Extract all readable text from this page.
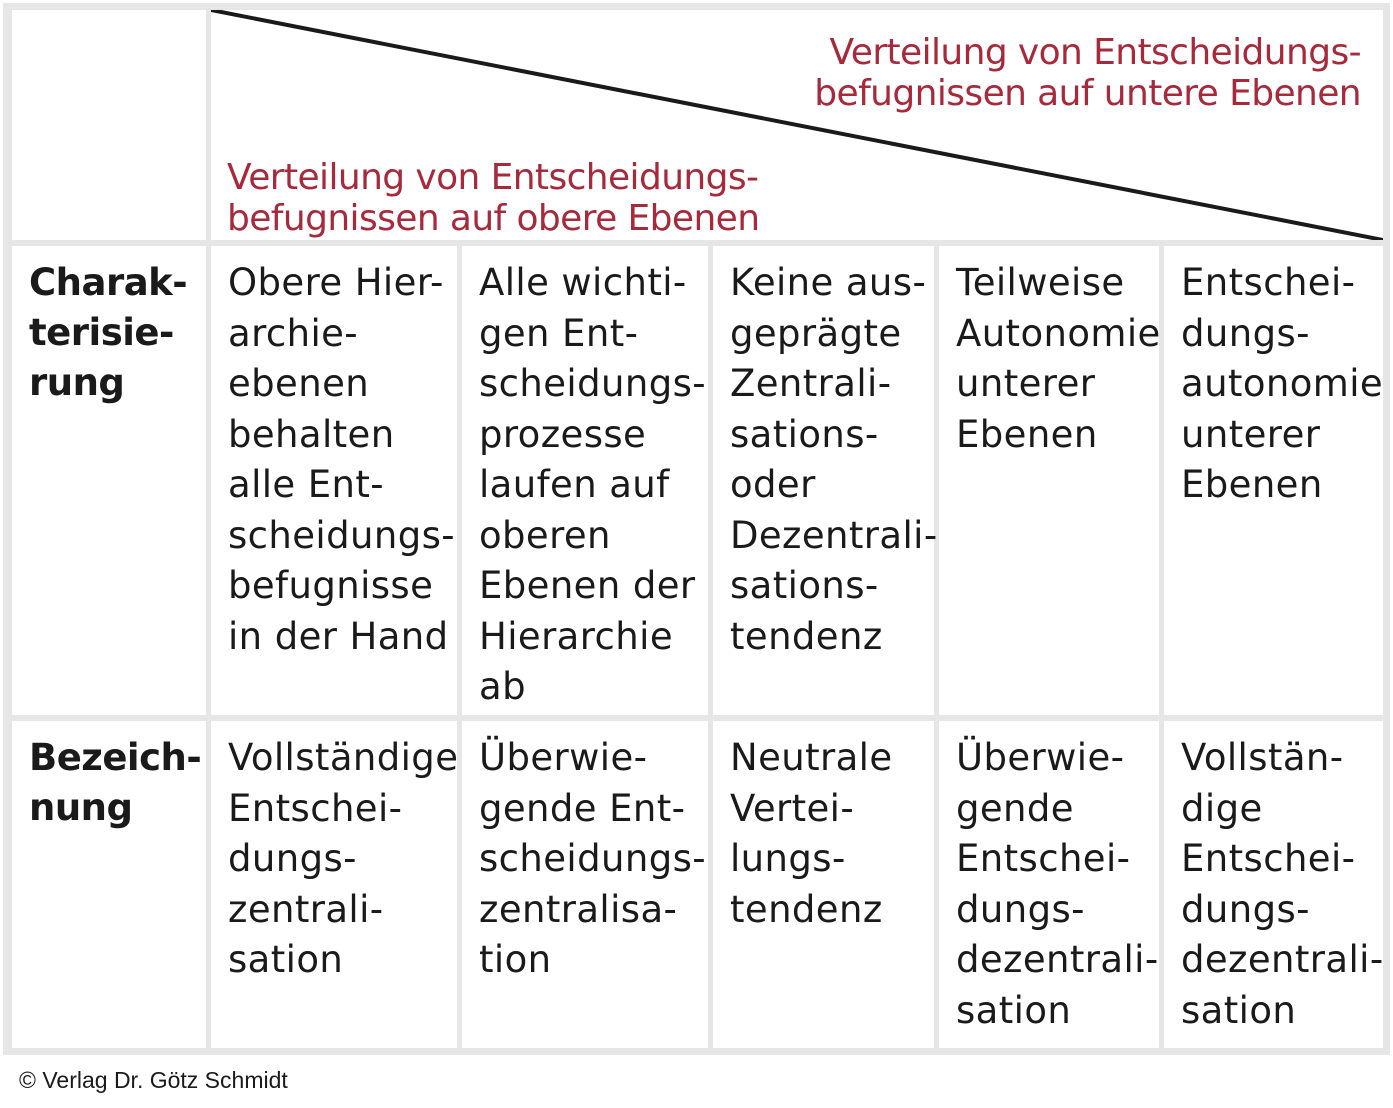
Verteilung von Entscheidungs-
befugnissen auf untere Ebenen
Verteilung von Entscheidungs-
befugnissen auf obere Ebenen
Charak-
terisie-
rung
Obere Hier-
archie-
ebenen
behalten
alle Ent-
scheidungs-
befugnisse
in der Hand
Alle wichti-
gen Ent-
scheidungs-
prozesse
laufen auf
oberen
Ebenen der
Hierarchie
ab
Keine aus-
geprägte
Zentrali-
sations-
oder
Dezentrali-
sations-
tendenz
Teilweise
Autonomie
unterer
Ebenen
Entschei-
dungs-
autonomie
unterer
Ebenen
Bezeich-
nung
Vollständige
Entschei-
dungs-
zentrali-
sation
Überwie-
gende Ent-
scheidungs-
zentralisa-
tion
Neutrale
Vertei-
lungs-
tendenz
Überwie-
gende
Entschei-
dungs-
dezentrali-
sation
Vollstän-
dige
Entschei-
dungs-
dezentrali-
sation
© Verlag Dr. Götz Schmidt
